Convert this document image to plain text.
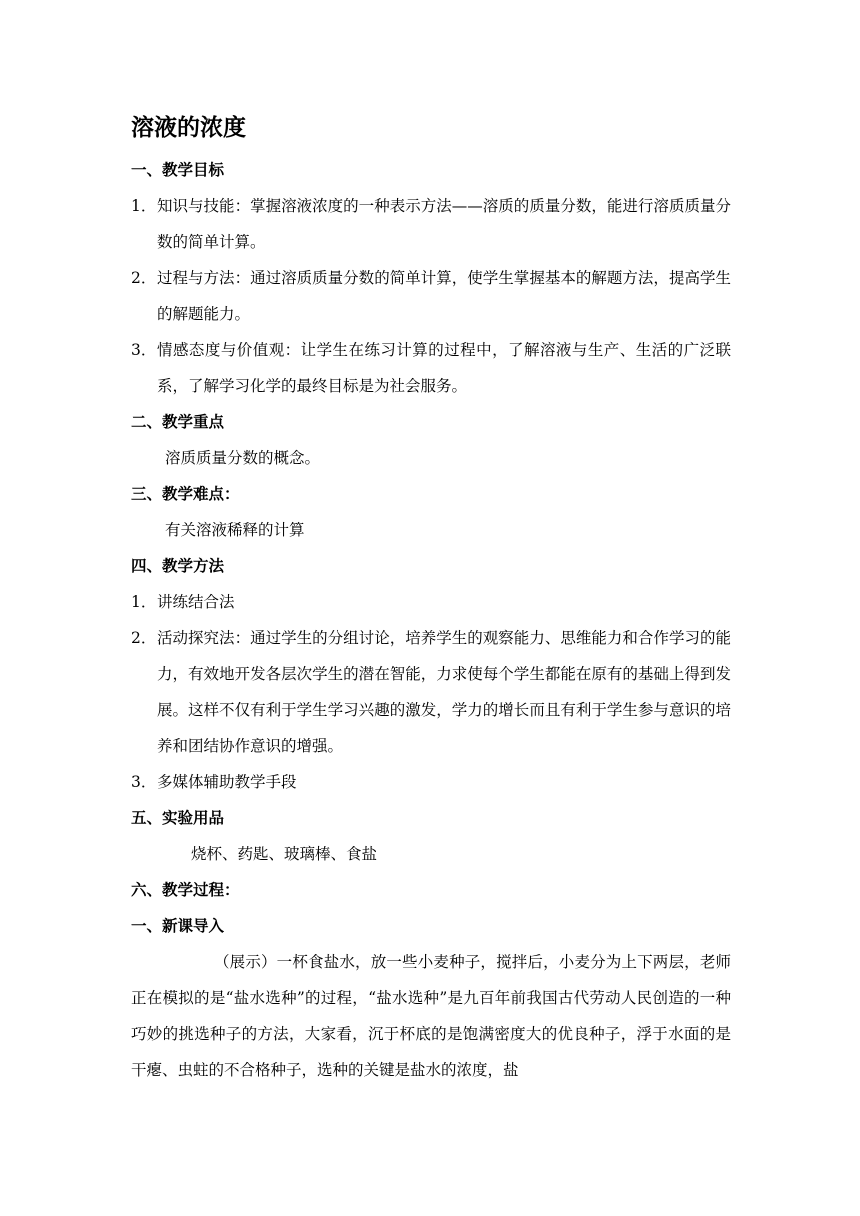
溶液的浓度
一、教学目标
1． 知识与技能：掌握溶液浓度的一种表示方法——溶质的质量分数，能进行溶质质量分数的简单计算。
2． 过程与方法：通过溶质质量分数的简单计算，使学生掌握基本的解题方法，提高学生的解题能力。
3． 情感态度与价值观：让学生在练习计算的过程中，了解溶液与生产、生活的广泛联系，了解学习化学的最终目标是为社会服务。
二、教学重点
溶质质量分数的概念。
三、教学难点：
有关溶液稀释的计算
四、教学方法
1． 讲练结合法
2． 活动探究法：通过学生的分组讨论，培养学生的观察能力、思维能力和合作学习的能力，有效地开发各层次学生的潜在智能，力求使每个学生都能在原有的基础上得到发展。这样不仅有利于学生学习兴趣的激发，学力的增长而且有利于学生参与意识的培养和团结协作意识的增强。
3． 多媒体辅助教学手段
五、实验用品
烧杯、药匙、玻璃棒、食盐
六、教学过程：
一、新课导入
（展示）一杯食盐水，放一些小麦种子，搅拌后，小麦分为上下两层，老师正在模拟的是“盐水选种”的过程，“盐水选种”是九百年前我国古代劳动人民创造的一种巧妙的挑选种子的方法，大家看，沉于杯底的是饱满密度大的优良种子，浮于水面的是干瘪、虫蛀的不合格种子，选种的关键是盐水的浓度，盐
